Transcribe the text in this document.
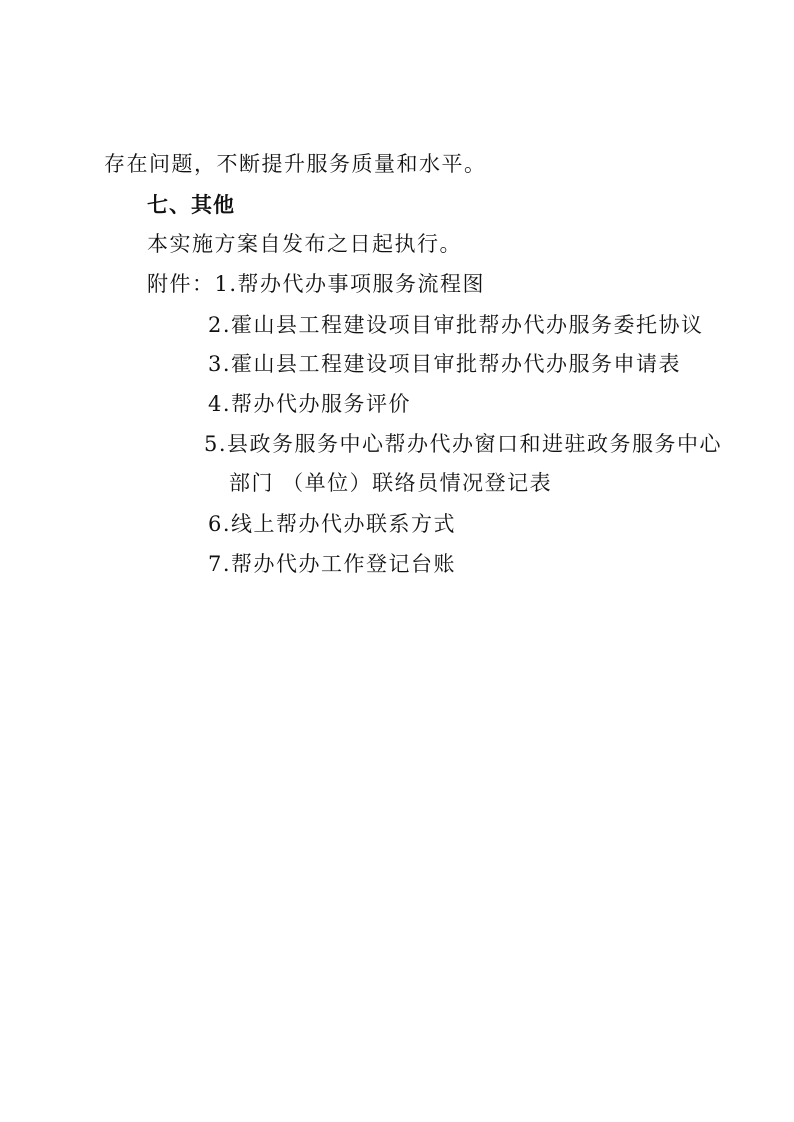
存在问题，不断提升服务质量和水平。
七、其他
本实施方案自发布之日起执行。
附件：1.帮办代办事项服务流程图
2.霍山县工程建设项目审批帮办代办服务委托协议
3.霍山县工程建设项目审批帮办代办服务申请表
4.帮办代办服务评价
5.县政务服务中心帮办代办窗口和进驻政务服务中心
部门 （单位）联络员情况登记表
6.线上帮办代办联系方式
7.帮办代办工作登记台账
